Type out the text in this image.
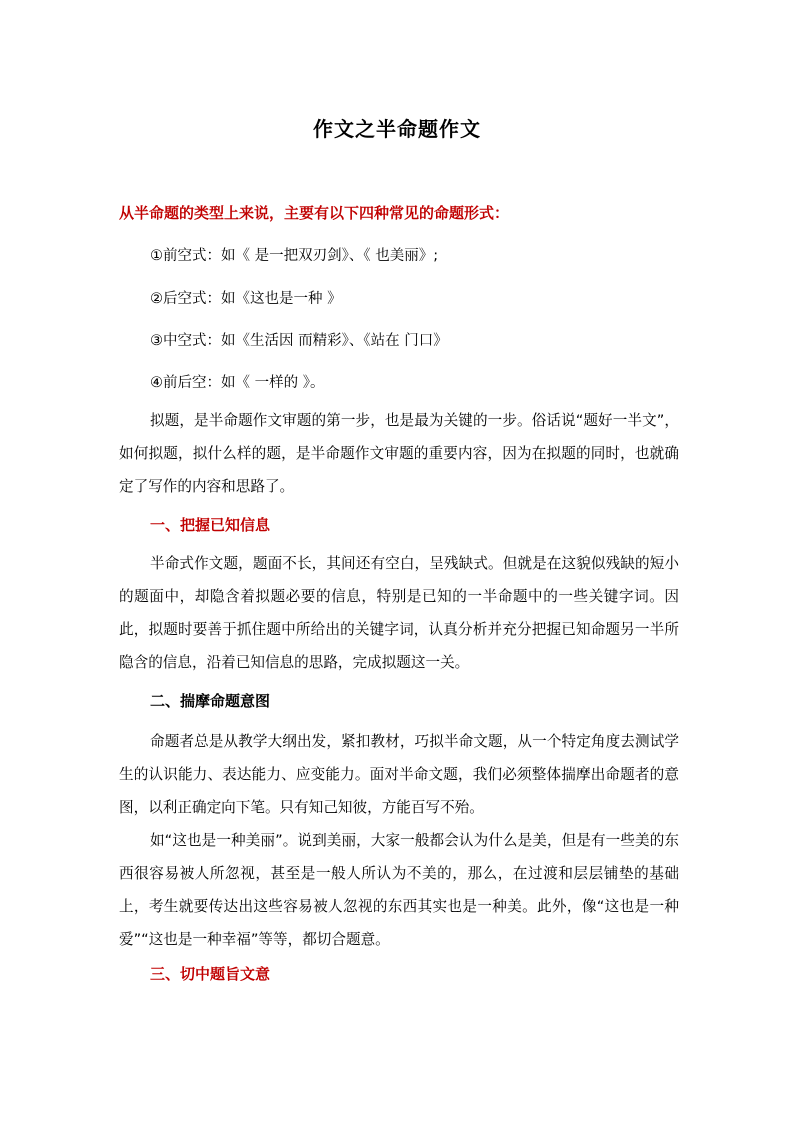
作文之半命题作文
从半命题的类型上来说，主要有以下四种常见的命题形式：
①前空式：如《 是一把双刃剑》、《 也美丽》;
②后空式：如《这也是一种 》
③中空式：如《生活因 而精彩》、《站在 门口》
④前后空：如《 一样的 》。
拟题，是半命题作文审题的第一步，也是最为关键的一步。俗话说“题好一半文”，如何拟题，拟什么样的题，是半命题作文审题的重要内容，因为在拟题的同时，也就确定了写作的内容和思路了。
一、把握已知信息
半命式作文题，题面不长，其间还有空白，呈残缺式。但就是在这貌似残缺的短小的题面中，却隐含着拟题必要的信息，特别是已知的一半命题中的一些关键字词。因此，拟题时要善于抓住题中所给出的关键字词，认真分析并充分把握已知命题另一半所隐含的信息，沿着已知信息的思路，完成拟题这一关。
二、揣摩命题意图
命题者总是从教学大纲出发，紧扣教材，巧拟半命文题，从一个特定角度去测试学生的认识能力、表达能力、应变能力。面对半命文题，我们必须整体揣摩出命题者的意图，以利正确定向下笔。只有知己知彼，方能百写不殆。
如“这也是一种美丽”。说到美丽，大家一般都会认为什么是美，但是有一些美的东西很容易被人所忽视，甚至是一般人所认为不美的，那么，在过渡和层层铺垫的基础上，考生就要传达出这些容易被人忽视的东西其实也是一种美。此外，像“这也是一种爱”“这也是一种幸福”等等，都切合题意。
三、切中题旨文意
